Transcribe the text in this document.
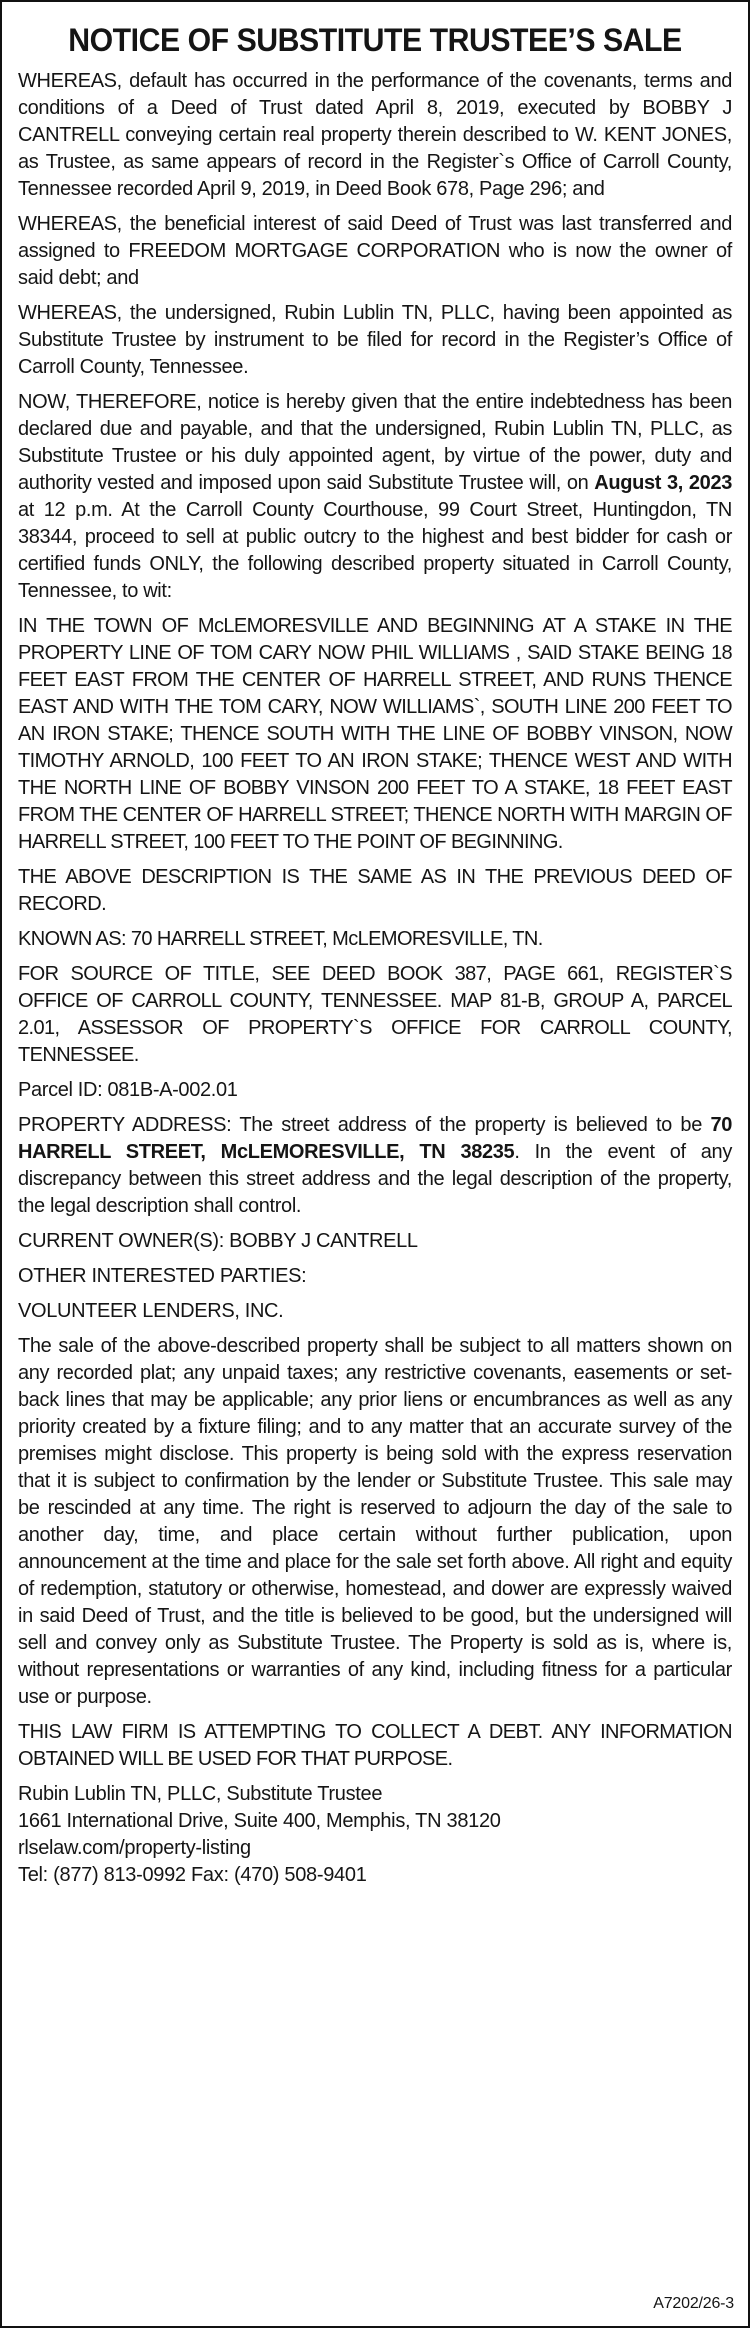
NOTICE OF SUBSTITUTE TRUSTEE’S SALE

WHEREAS, default has occurred in the performance of the covenants, terms and conditions of a Deed of Trust dated April 8, 2019, executed by BOBBY J CANTRELL conveying certain real property therein described to W. KENT JONES, as Trustee, as same appears of record in the Register`s Office of Carroll County, Tennessee recorded April 9, 2019, in Deed Book 678, Page 296; and

WHEREAS, the beneficial interest of said Deed of Trust was last transferred and assigned to FREEDOM MORTGAGE CORPORATION who is now the owner of said debt; and

WHEREAS, the undersigned, Rubin Lublin TN, PLLC, having been appointed as Substitute Trustee by instrument to be filed for record in the Register’s Office of Carroll County, Tennessee.

NOW, THEREFORE, notice is hereby given that the entire indebtedness has been declared due and payable, and that the undersigned, Rubin Lublin TN, PLLC, as Substitute Trustee or his duly appointed agent, by virtue of the power, duty and authority vested and imposed upon said Substitute Trustee will, on August 3, 2023 at 12 p.m. At the Carroll County Courthouse, 99 Court Street, Huntingdon, TN 38344, proceed to sell at public outcry to the highest and best bidder for cash or certified funds ONLY, the following described property situated in Carroll County, Tennessee, to wit:

IN THE TOWN OF McLEMORESVILLE AND BEGINNING AT A STAKE IN THE PROPERTY LINE OF TOM CARY NOW PHIL WILLIAMS , SAID STAKE BEING 18 FEET EAST FROM THE CENTER OF HARRELL STREET, AND RUNS THENCE EAST AND WITH THE TOM CARY, NOW WILLIAMS`, SOUTH LINE 200 FEET TO AN IRON STAKE; THENCE SOUTH WITH THE LINE OF BOBBY VINSON, NOW TIMOTHY ARNOLD, 100 FEET TO AN IRON STAKE; THENCE WEST AND WITH THE NORTH LINE OF BOBBY VINSON 200 FEET TO A STAKE, 18 FEET EAST FROM THE CENTER OF HARRELL STREET; THENCE NORTH WITH MARGIN OF HARRELL STREET, 100 FEET TO THE POINT OF BEGINNING.

THE ABOVE DESCRIPTION IS THE SAME AS IN THE PREVIOUS DEED OF RECORD.

KNOWN AS: 70 HARRELL STREET, McLEMORESVILLE, TN.

FOR SOURCE OF TITLE, SEE DEED BOOK 387, PAGE 661, REGISTER`S OFFICE OF CARROLL COUNTY, TENNESSEE. MAP 81-B, GROUP A, PARCEL 2.01, ASSESSOR OF PROPERTY`S OFFICE FOR CARROLL COUNTY, TENNESSEE.

Parcel ID: 081B-A-002.01

PROPERTY ADDRESS: The street address of the property is believed to be 70 HARRELL STREET, McLEMORESVILLE, TN 38235. In the event of any discrepancy between this street address and the legal description of the property, the legal description shall control.

CURRENT OWNER(S): BOBBY J CANTRELL

OTHER INTERESTED PARTIES:

VOLUNTEER LENDERS, INC.

The sale of the above-described property shall be subject to all matters shown on any recorded plat; any unpaid taxes; any restrictive covenants, easements or set-back lines that may be applicable; any prior liens or encumbrances as well as any priority created by a fixture filing; and to any matter that an accurate survey of the premises might disclose. This property is being sold with the express reservation that it is subject to confirmation by the lender or Substitute Trustee. This sale may be rescinded at any time. The right is reserved to adjourn the day of the sale to another day, time, and place certain without further publication, upon announcement at the time and place for the sale set forth above. All right and equity of redemption, statutory or otherwise, homestead, and dower are expressly waived in said Deed of Trust, and the title is believed to be good, but the undersigned will sell and convey only as Substitute Trustee. The Property is sold as is, where is, without representations or warranties of any kind, including fitness for a particular use or purpose.

THIS LAW FIRM IS ATTEMPTING TO COLLECT A DEBT. ANY INFORMATION OBTAINED WILL BE USED FOR THAT PURPOSE.

Rubin Lublin TN, PLLC, Substitute Trustee

1661 International Drive, Suite 400, Memphis, TN 38120

rlselaw.com/property-listing

Tel: (877) 813-0992 Fax: (470) 508-9401

A7202/26-3
